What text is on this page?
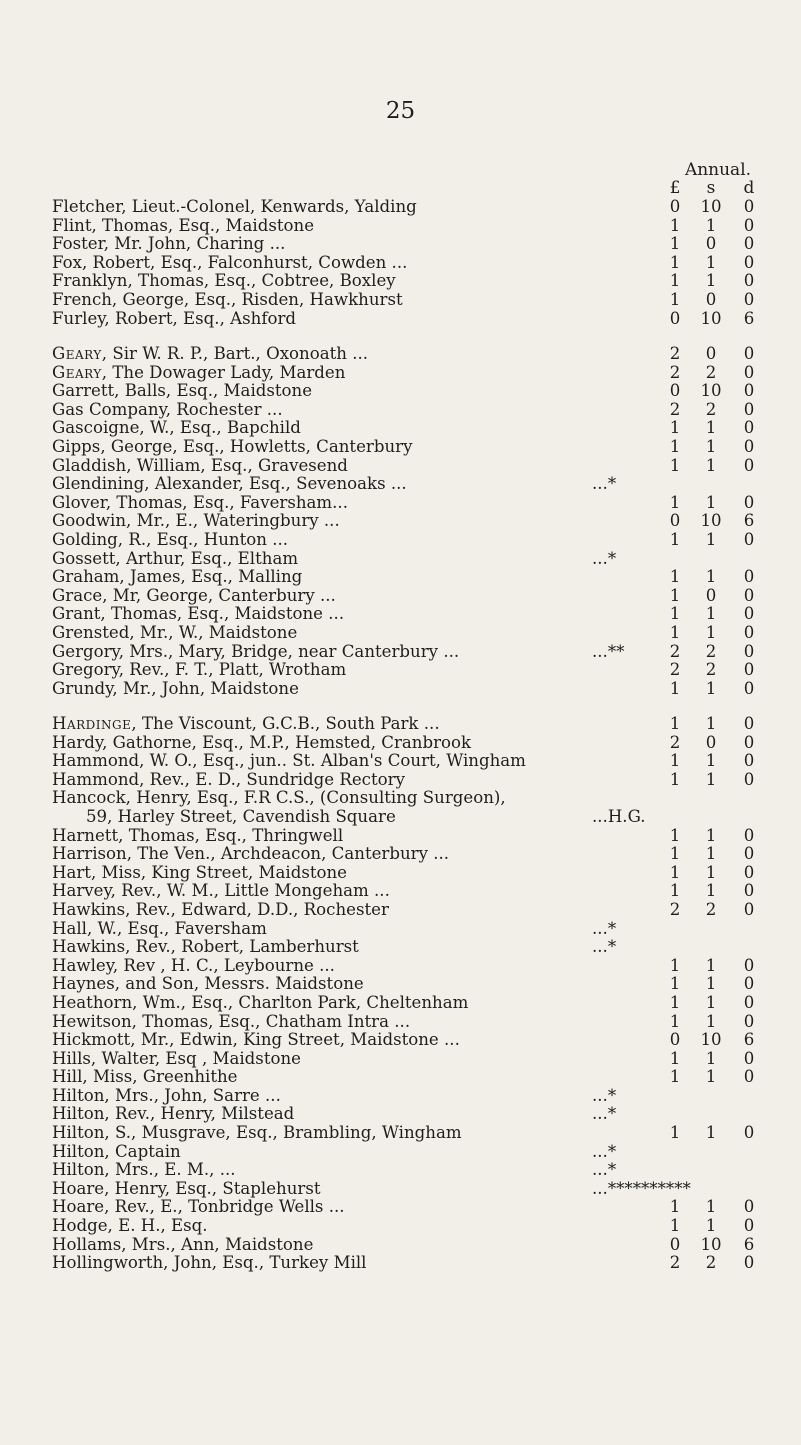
25
Annual.
£	s	d
Fletcher, Lieut.-Colonel, Kenwards, Yalding	0	10	0
Flint, Thomas, Esq., Maidstone	1	1	0
Foster, Mr. John, Charing ...	1	0	0
Fox, Robert, Esq., Falconhurst, Cowden ...	1	1	0
Franklyn, Thomas, Esq., Cobtree, Boxley	1	1	0
French, George, Esq., Risden, Hawkhurst	1	0	0
Furley, Robert, Esq., Ashford	0	10	6
Geary, Sir W. R. P., Bart., Oxonoath ...	2	0	0
Geary, The Dowager Lady, Marden	2	2	0
Garrett, Balls, Esq., Maidstone	0	10	0
Gas Company, Rochester ...	2	2	0
Gascoigne, W., Esq., Bapchild	1	1	0
Gipps, George, Esq., Howletts, Canterbury	1	1	0
Gladdish, William, Esq., Gravesend	1	1	0
Glendining, Alexander, Esq., Sevenoaks ...	...*
Glover, Thomas, Esq., Faversham...	1	1	0
Goodwin, Mr., E., Wateringbury ...	0	10	6
Golding, R., Esq., Hunton ...	1	1	0
Gossett, Arthur, Esq., Eltham	...*
Graham, James, Esq., Malling	1	1	0
Grace, Mr, George, Canterbury ...	1	0	0
Grant, Thomas, Esq., Maidstone ...	1	1	0
Grensted, Mr., W., Maidstone	1	1	0
Gergory, Mrs., Mary, Bridge, near Canterbury ...	...**	2	2	0
Gregory, Rev., F. T., Platt, Wrotham	2	2	0
Grundy, Mr., John, Maidstone	1	1	0
Hardinge, The Viscount, G.C.B., South Park ...	1	1	0
Hardy, Gathorne, Esq., M.P., Hemsted, Cranbrook	2	0	0
Hammond, W. O., Esq., jun.. St. Alban's Court, Wingham	1	1	0
Hammond, Rev., E. D., Sundridge Rectory	1	1	0
Hancock, Henry, Esq., F.R C.S., (Consulting Surgeon),
59, Harley Street, Cavendish Square	...H.G.
Harnett, Thomas, Esq., Thringwell	1	1	0
Harrison, The Ven., Archdeacon, Canterbury ...	1	1	0
Hart, Miss, King Street, Maidstone	1	1	0
Harvey, Rev., W. M., Little Mongeham ...	1	1	0
Hawkins, Rev., Edward, D.D., Rochester	2	2	0
Hall, W., Esq., Faversham	...*
Hawkins, Rev., Robert, Lamberhurst	...*
Hawley, Rev , H. C., Leybourne ...	1	1	0
Haynes, and Son, Messrs. Maidstone	1	1	0
Heathorn, Wm., Esq., Charlton Park, Cheltenham	1	1	0
Hewitson, Thomas, Esq., Chatham Intra ...	1	1	0
Hickmott, Mr., Edwin, King Street, Maidstone ...	0	10	6
Hills, Walter, Esq , Maidstone	1	1	0
Hill, Miss, Greenhithe	1	1	0
Hilton, Mrs., John, Sarre ...	...*
Hilton, Rev., Henry, Milstead	...*
Hilton, S., Musgrave, Esq., Brambling, Wingham	1	1	0
Hilton, Captain	...*
Hilton, Mrs., E. M., ...	...*
Hoare, Henry, Esq., Staplehurst	...**********
Hoare, Rev., E., Tonbridge Wells ...	1	1	0
Hodge, E. H., Esq.	1	1	0
Hollams, Mrs., Ann, Maidstone	0	10	6
Hollingworth, John, Esq., Turkey Mill	2	2	0
